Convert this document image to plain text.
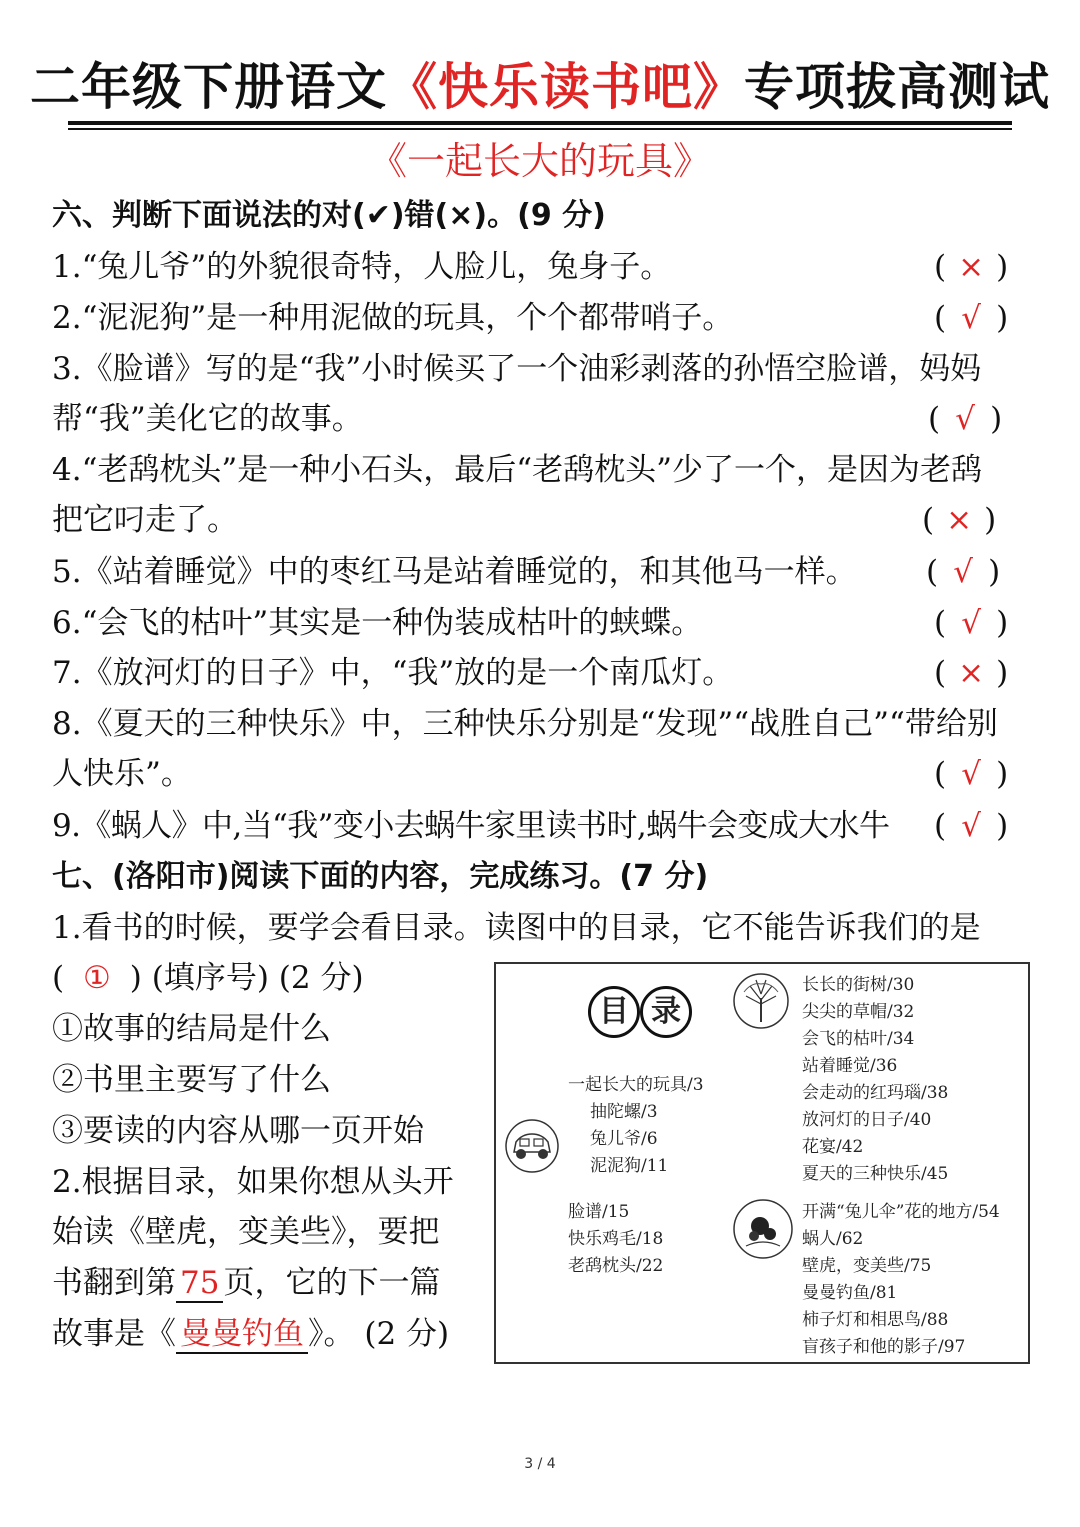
二年级下册语文《快乐读书吧》专项拔高测试
《一起长大的玩具》
六、判断下面说法的对(✔)错(×)。(9 分)
1.“兔儿爷”的外貌很奇特，人脸儿，兔身子。	( × )
2.“泥泥狗”是一种用泥做的玩具，个个都带哨子。	( √ )
3.《脸谱》写的是“我”小时候买了一个油彩剥落的孙悟空脸谱，妈妈
帮“我”美化它的故事。	( √ )
4.“老鸹枕头”是一种小石头，最后“老鸹枕头”少了一个，是因为老鸹
把它叼走了。	( × )
5.《站着睡觉》中的枣红马是站着睡觉的，和其他马一样。 ( √ )
6.“会飞的枯叶”其实是一种伪装成枯叶的蛱蝶。	( √ )
7.《放河灯的日子》中，“我”放的是一个南瓜灯。	( × )
8.《夏天的三种快乐》中，三种快乐分别是“发现”“战胜自己”“带给别
人快乐”。	( √ )
9.《蜗人》中,当“我”变小去蜗牛家里读书时,蜗牛会变成大水牛 ( √ )
七、(洛阳市)阅读下面的内容，完成练习。(7 分)
1.看书的时候，要学会看目录。读图中的目录，它不能告诉我们的是
( ① ) (填序号) (2 分)
①故事的结局是什么
②书里主要写了什么
③要读的内容从哪一页开始
2.根据目录，如果你想从头开
始读《壁虎，变美些》，要把
书翻到第 75 页，它的下一篇
故事是《 曼曼钓鱼 》。 (2 分)
目 录
一起长大的玩具/3
抽陀螺/3
兔儿爷/6
泥泥狗/11
脸谱/15
快乐鸡毛/18
老鸹枕头/22
长长的街树/30
尖尖的草帽/32
会飞的枯叶/34
站着睡觉/36
会走动的红玛瑙/38
放河灯的日子/40
花宴/42
夏天的三种快乐/45
开满“兔儿伞”花的地方/54
蜗人/62
壁虎，变美些/75
曼曼钓鱼/81
柿子灯和相思鸟/88
盲孩子和他的影子/97
3 / 4
